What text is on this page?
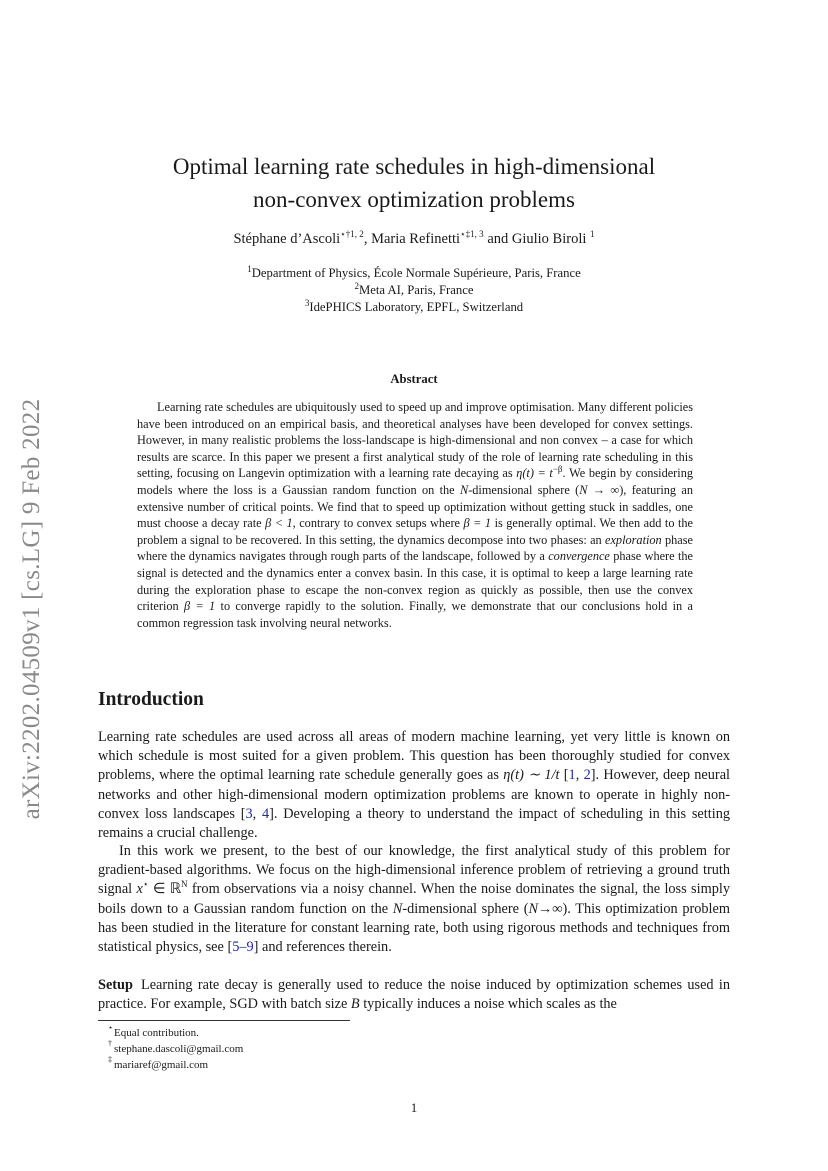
arXiv:2202.04509v1 [cs.LG] 9 Feb 2022
Optimal learning rate schedules in high-dimensional
non-convex optimization problems
Stéphane d’Ascoli$^{⋆\dagger 1, 2}$, Maria Refinetti$^{⋆\ddagger 1, 3}$ and Giulio Biroli $^1$
$^1$Department of Physics, École Normale Supérieure, Paris, France
$^2$Meta AI, Paris, France
$^3$IdePHICS Laboratory, EPFL, Switzerland
Abstract
Learning rate schedules are ubiquitously used to speed up and improve optimisation. Many different policies have been introduced on an empirical basis, and theoretical analyses have been developed for convex settings. However, in many realistic problems the loss-landscape is high-dimensional and non convex – a case for which results are scarce. In this paper we present a first analytical study of the role of learning rate scheduling in this setting, focusing on Langevin optimization with a learning rate decaying as $\eta(t) = t^{-\beta}$. We begin by considering models where the loss is a Gaussian random function on the N-dimensional sphere (N → ∞), featuring an extensive number of critical points. We find that to speed up optimization without getting stuck in saddles, one must choose a decay rate β < 1, contrary to convex setups where β = 1 is generally optimal. We then add to the problem a signal to be recovered. In this setting, the dynamics decompose into two phases: an exploration phase where the dynamics navigates through rough parts of the landscape, followed by a convergence phase where the signal is detected and the dynamics enter a convex basin. In this case, it is optimal to keep a large learning rate during the exploration phase to escape the non-convex region as quickly as possible, then use the convex criterion β = 1 to converge rapidly to the solution. Finally, we demonstrate that our conclusions hold in a common regression task involving neural networks.
Introduction
Learning rate schedules are used across all areas of modern machine learning, yet very little is known on which schedule is most suited for a given problem. This question has been thoroughly studied for convex problems, where the optimal learning rate schedule generally goes as η(t) ∼ 1/t [1, 2]. However, deep neural networks and other high-dimensional modern optimization problems are known to operate in highly non-convex loss landscapes [3, 4]. Developing a theory to understand the impact of scheduling in this setting remains a crucial challenge.
In this work we present, to the best of our knowledge, the first analytical study of this problem for gradient-based algorithms. We focus on the high-dimensional inference problem of retrieving a ground truth signal x⋆ ∈ ℝ$^N$ from observations via a noisy channel. When the noise dominates the signal, the loss simply boils down to a Gaussian random function on the N-dimensional sphere (N→∞). This optimization problem has been studied in the literature for constant learning rate, both using rigorous methods and techniques from statistical physics, see [5–9] and references therein.
Setup Learning rate decay is generally used to reduce the noise induced by optimization schemes used in practice. For example, SGD with batch size B typically induces a noise which scales as the
⋆ Equal contribution.
† stephane.dascoli@gmail.com
‡ mariaref@gmail.com
1
